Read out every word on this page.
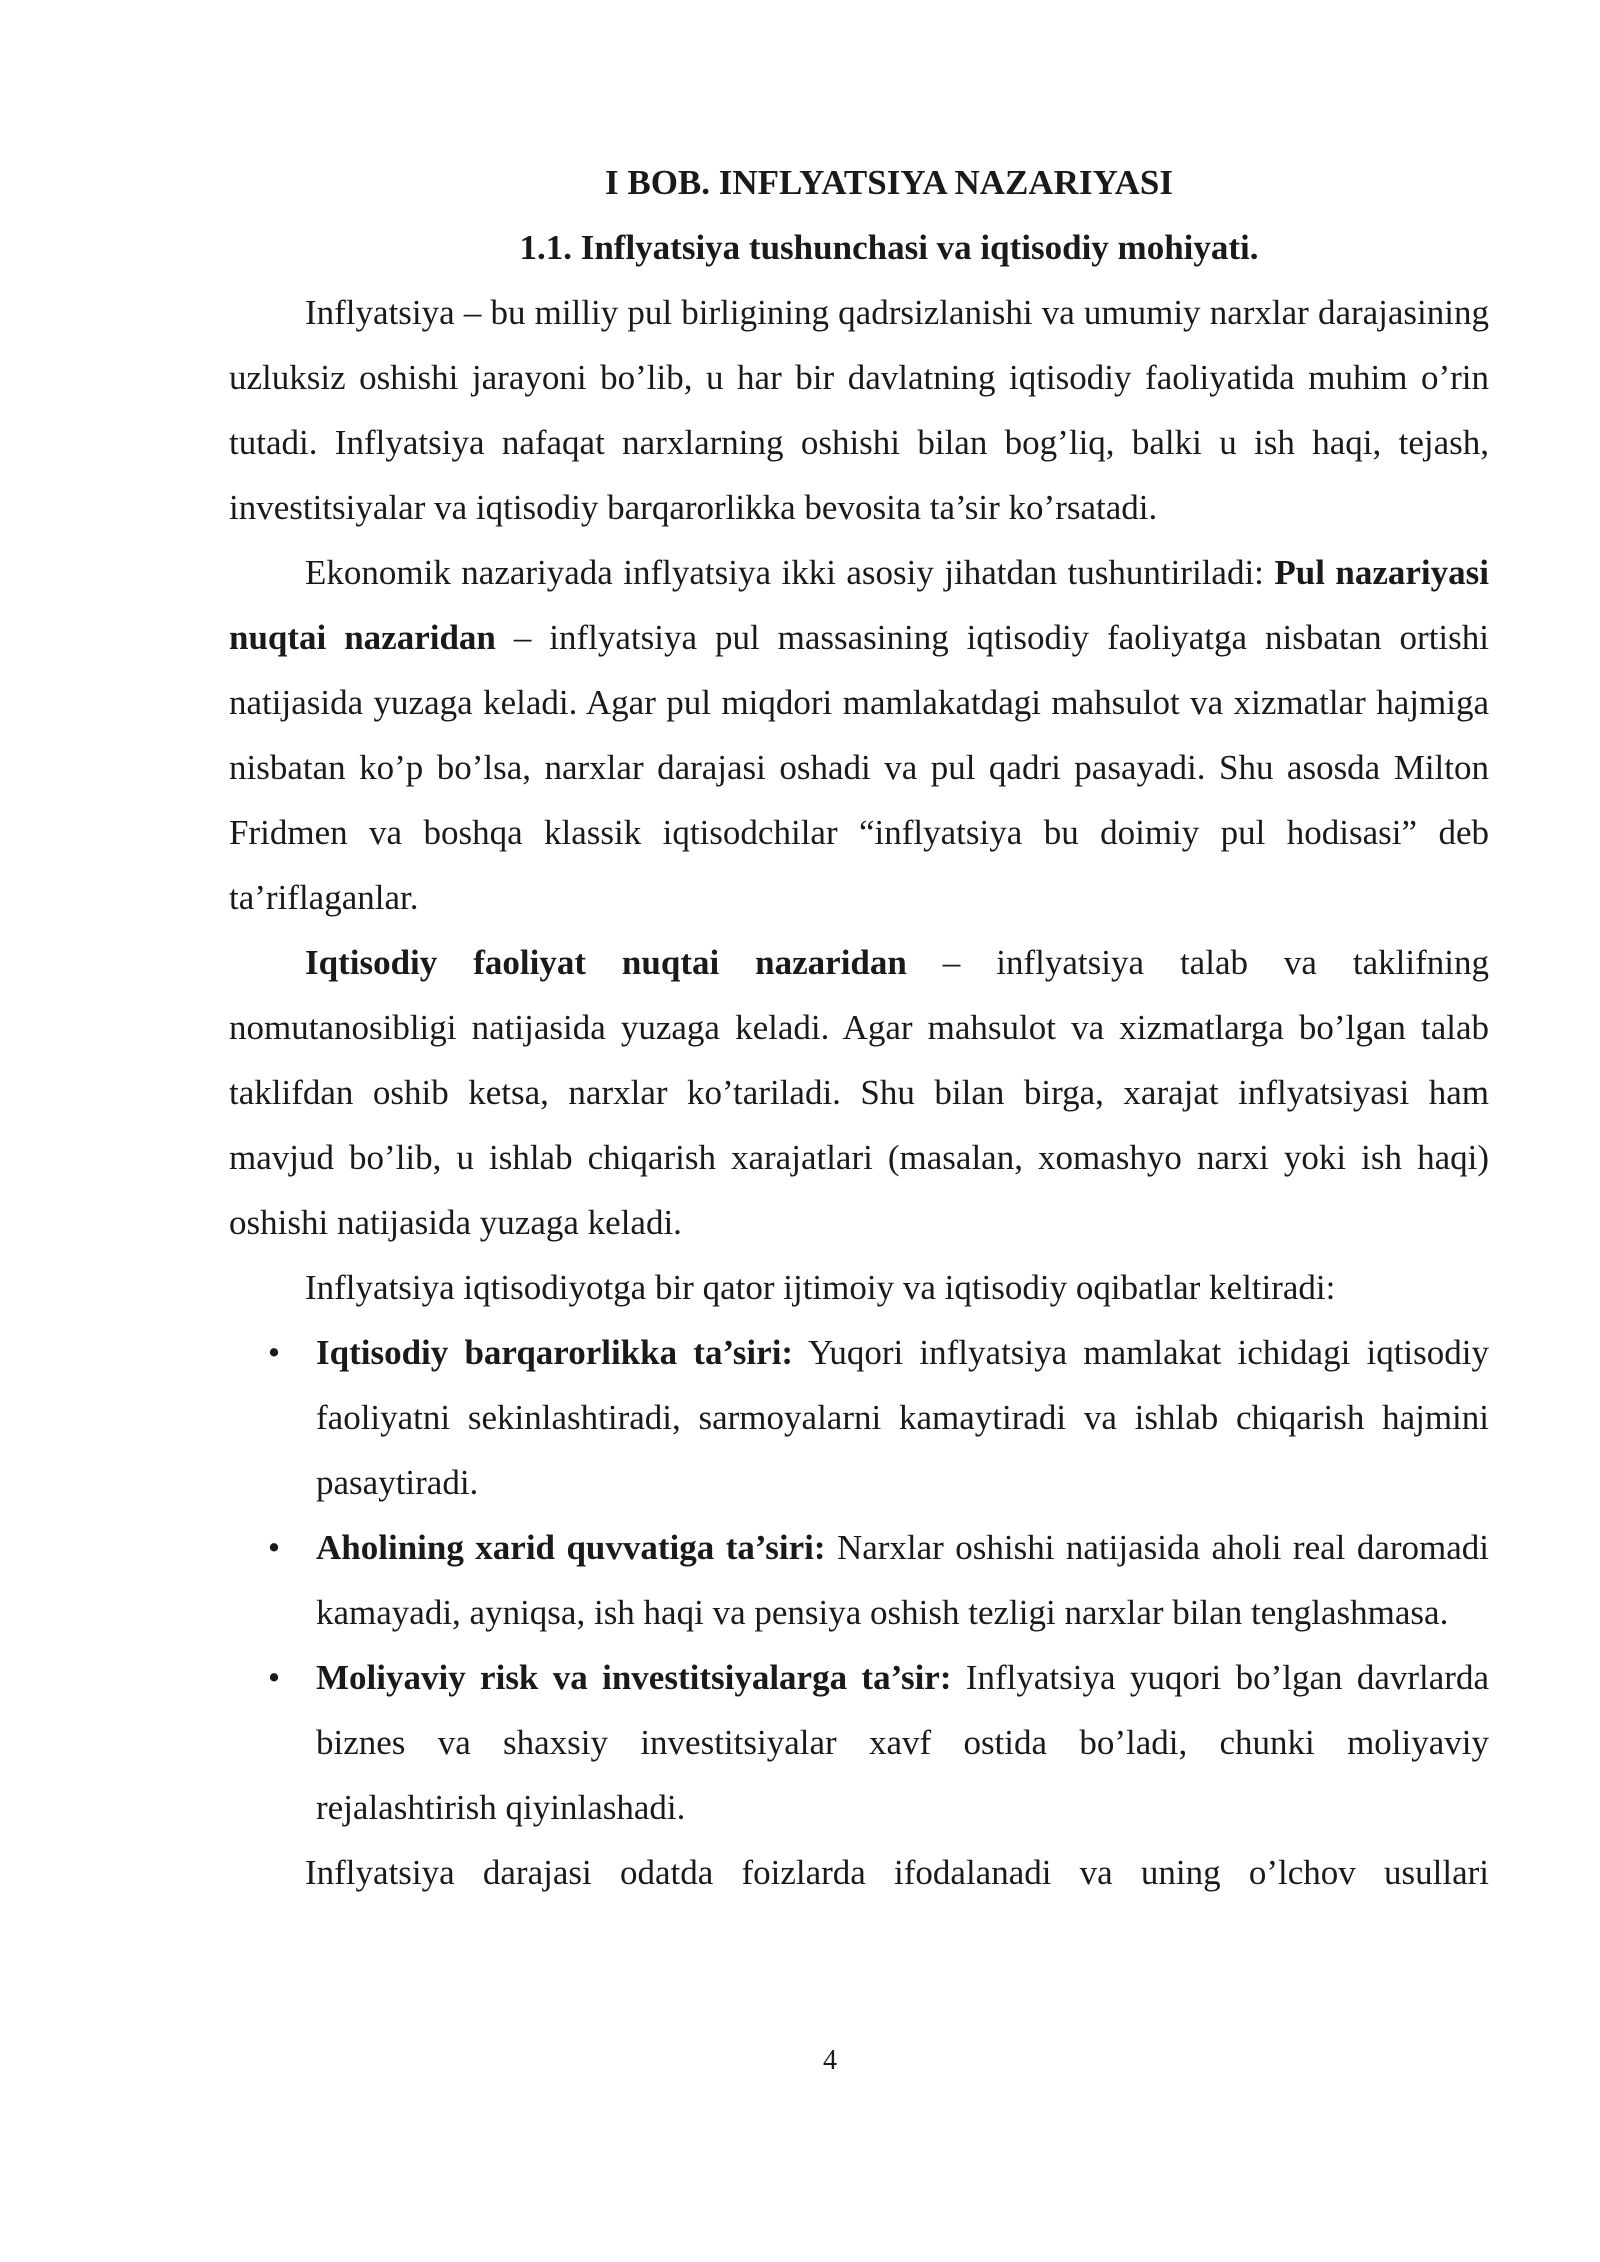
I BOB. INFLYATSIYA NAZARIYASI
1.1. Inflyatsiya tushunchasi va iqtisodiy mohiyati.

Inflyatsiya – bu milliy pul birligining qadrsizlanishi va umumiy narxlar darajasining uzluksiz oshishi jarayoni bo’lib, u har bir davlatning iqtisodiy faoliyatida muhim o’rin tutadi. Inflyatsiya nafaqat narxlarning oshishi bilan bog’liq, balki u ish haqi, tejash, investitsiyalar va iqtisodiy barqarorlikka bevosita ta’sir ko’rsatadi.

Ekonomik nazariyada inflyatsiya ikki asosiy jihatdan tushuntiriladi: Pul nazariyasi nuqtai nazaridan – inflyatsiya pul massasining iqtisodiy faoliyatga nisbatan ortishi natijasida yuzaga keladi. Agar pul miqdori mamlakatdagi mahsulot va xizmatlar hajmiga nisbatan ko’p bo’lsa, narxlar darajasi oshadi va pul qadri pasayadi. Shu asosda Milton Fridmen va boshqa klassik iqtisodchilar “inflyatsiya bu doimiy pul hodisasi” deb ta’riflaganlar.

Iqtisodiy faoliyat nuqtai nazaridan – inflyatsiya talab va taklifning nomutanosibligi natijasida yuzaga keladi. Agar mahsulot va xizmatlarga bo’lgan talab taklifdan oshib ketsa, narxlar ko’tariladi. Shu bilan birga, xarajat inflyatsiyasi ham mavjud bo’lib, u ishlab chiqarish xarajatlari (masalan, xomashyo narxi yoki ish haqi) oshishi natijasida yuzaga keladi.

Inflyatsiya iqtisodiyotga bir qator ijtimoiy va iqtisodiy oqibatlar keltiradi:

• Iqtisodiy barqarorlikka ta’siri: Yuqori inflyatsiya mamlakat ichidagi iqtisodiy faoliyatni sekinlashtiradi, sarmoyalarni kamaytiradi va ishlab chiqarish hajmini pasaytiradi.
• Aholining xarid quvvatiga ta’siri: Narxlar oshishi natijasida aholi real daromadi kamayadi, ayniqsa, ish haqi va pensiya oshish tezligi narxlar bilan tenglashmasa.
• Moliyaviy risk va investitsiyalarga ta’sir: Inflyatsiya yuqori bo’lgan davrlarda biznes va shaxsiy investitsiyalar xavf ostida bo’ladi, chunki moliyaviy rejalashtirish qiyinlashadi.

Inflyatsiya darajasi odatda foizlarda ifodalanadi va uning o’lchov usullari

4
